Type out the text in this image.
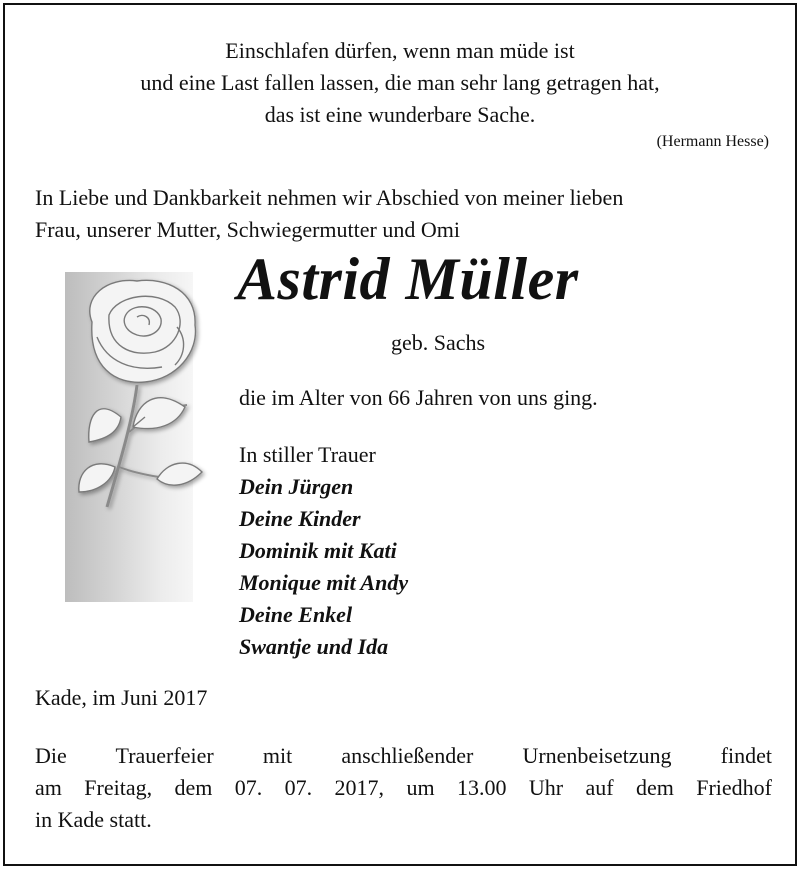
Einschlafen dürfen, wenn man müde ist
und eine Last fallen lassen, die man sehr lang getragen hat,
das ist eine wunderbare Sache.
(Hermann Hesse)
In Liebe und Dankbarkeit nehmen wir Abschied von meiner lieben
Frau, unserer Mutter, Schwiegermutter und Omi
Astrid Müller
geb. Sachs
die im Alter von 66 Jahren von uns ging.
In stiller Trauer
Dein Jürgen
Deine Kinder
Dominik mit Kati
Monique mit Andy
Deine Enkel
Swantje und Ida
Kade, im Juni 2017
Die Trauerfeier mit anschließender Urnenbeisetzung findet
am Freitag, dem 07. 07. 2017, um 13.00 Uhr auf dem Friedhof
in Kade statt.
